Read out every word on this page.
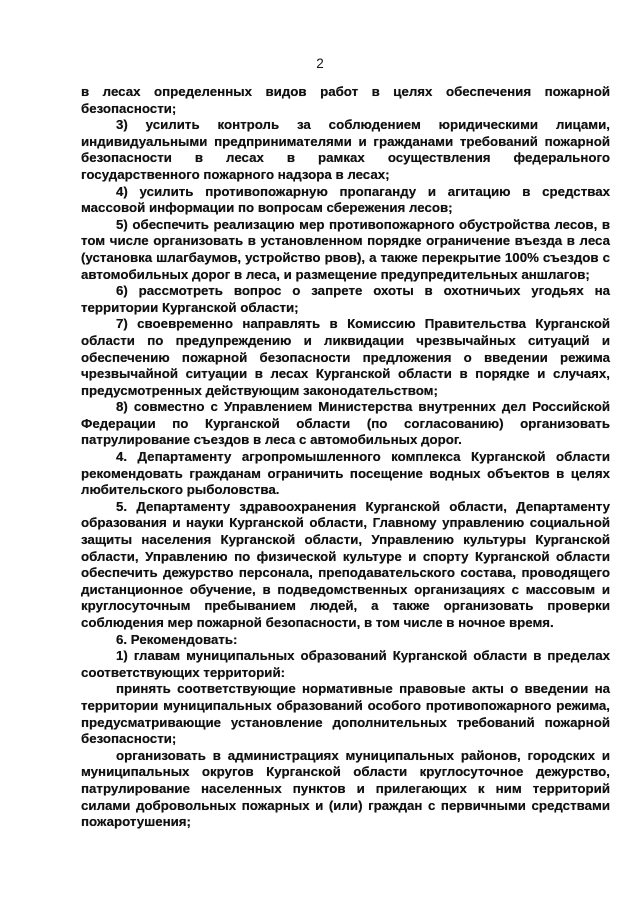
2

в лесах определенных видов работ в целях обеспечения пожарной безопасности;

3) усилить контроль за соблюдением юридическими лицами, индивидуальными предпринимателями и гражданами требований пожарной безопасности в лесах в рамках осуществления федерального государственного пожарного надзора в лесах;

4) усилить противопожарную пропаганду и агитацию в средствах массовой информации по вопросам сбережения лесов;

5) обеспечить реализацию мер противопожарного обустройства лесов, в том числе организовать в установленном порядке ограничение въезда в леса (установка шлагбаумов, устройство рвов), а также перекрытие 100% съездов с автомобильных дорог в леса, и размещение предупредительных аншлагов;

6) рассмотреть вопрос о запрете охоты в охотничьих угодьях на территории Курганской области;

7) своевременно направлять в Комиссию Правительства Курганской области по предупреждению и ликвидации чрезвычайных ситуаций и обеспечению пожарной безопасности предложения о введении режима чрезвычайной ситуации в лесах Курганской области в порядке и случаях, предусмотренных действующим законодательством;

8) совместно с Управлением Министерства внутренних дел Российской Федерации по Курганской области (по согласованию) организовать патрулирование съездов в леса с автомобильных дорог.

4. Департаменту агропромышленного комплекса Курганской области рекомендовать гражданам ограничить посещение водных объектов в целях любительского рыболовства.

5. Департаменту здравоохранения Курганской области, Департаменту образования и науки Курганской области, Главному управлению социальной защиты населения Курганской области, Управлению культуры Курганской области, Управлению по физической культуре и спорту Курганской области обеспечить дежурство персонала, преподавательского состава, проводящего дистанционное обучение, в подведомственных организациях с массовым и круглосуточным пребыванием людей, а также организовать проверки соблюдения мер пожарной безопасности, в том числе в ночное время.

6. Рекомендовать:

1) главам муниципальных образований Курганской области в пределах соответствующих территорий:

принять соответствующие нормативные правовые акты о введении на территории муниципальных образований особого противопожарного режима, предусматривающие установление дополнительных требований пожарной безопасности;

организовать в администрациях муниципальных районов, городских и муниципальных округов Курганской области круглосуточное дежурство, патрулирование населенных пунктов и прилегающих к ним территорий силами добровольных пожарных и (или) граждан с первичными средствами пожаротушения;
